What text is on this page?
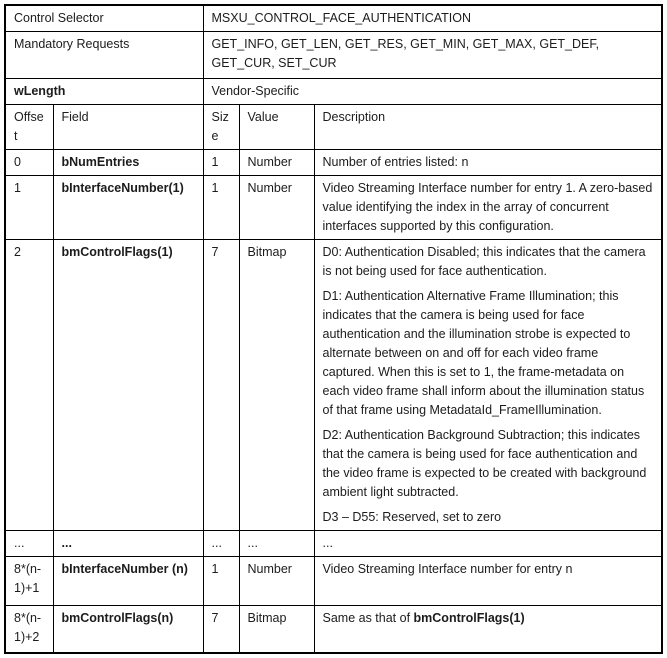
Control Selector		MSXU_CONTROL_FACE_AUTHENTICATION		
Mandatory Requests		GET_INFO, GET_LEN, GET_RES, GET_MIN, GET_MAX, GET_DEF, GET_CUR, SET_CUR		
wLength		Vendor-Specific		
Offset	Field	Size	Value	Description
0	bNumEntries	1	Number	Number of entries listed: n
1	bInterfaceNumber(1)	1	Number	Video Streaming Interface number for entry 1. A zero-based value identifying the index in the array of concurrent interfaces supported by this configuration.
2	bmControlFlags(1)	7	Bitmap	D0: Authentication Disabled; this indicates that the camera is not being used for face authentication.

D1: Authentication Alternative Frame Illumination; this indicates that the camera is being used for face authentication and the illumination strobe is expected to alternate between on and off for each video frame captured. When this is set to 1, the frame-metadata on each video frame shall inform about the illumination status of that frame using MetadataId_FrameIllumination.

D2: Authentication Background Subtraction; this indicates that the camera is being used for face authentication and the video frame is expected to be created with background ambient light subtracted.

D3 – D55: Reserved, set to zero

...	...	...	...	...
8*(n-1)+1	bInterfaceNumber (n)	1	Number	Video Streaming Interface number for entry n
8*(n-1)+2	bmControlFlags(n)	7	Bitmap	Same as that of bmControlFlags(1)
